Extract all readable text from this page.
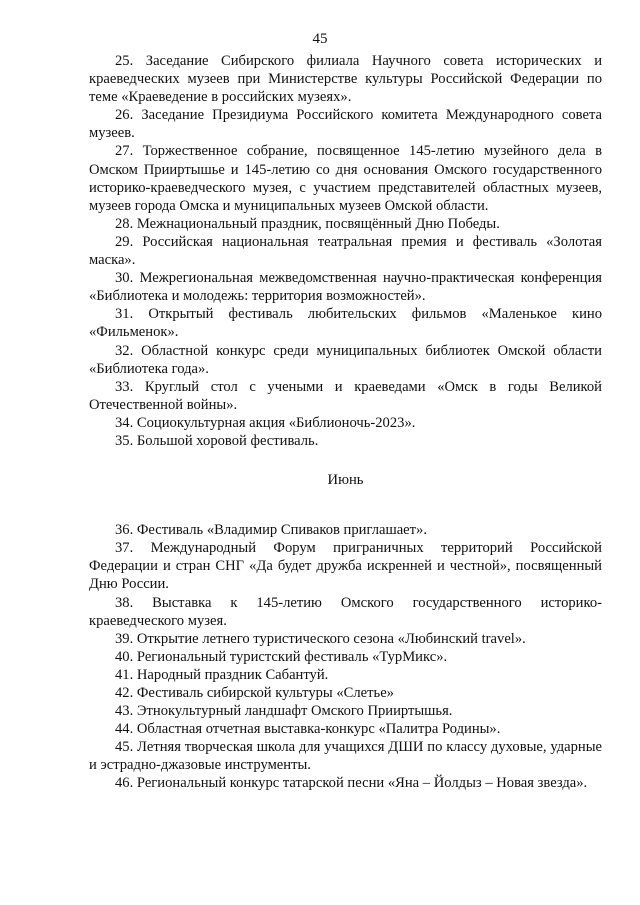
45

25. Заседание Сибирского филиала Научного совета исторических и краеведческих музеев при Министерстве культуры Российской Федерации по теме «Краеведение в российских музеях».

26. Заседание Президиума Российского комитета Международного совета музеев.

27. Торжественное собрание, посвященное 145-летию музейного дела в Омском Прииртышье и 145-летию со дня основания Омского государственного историко-краеведческого музея, с участием представителей областных музеев, музеев города Омска и муниципальных музеев Омской области.

28. Межнациональный праздник, посвящённый Дню Победы.

29. Российская национальная театральная премия и фестиваль «Золотая маска».

30. Межрегиональная межведомственная научно-практическая конференция «Библиотека и молодежь: территория возможностей».

31. Открытый фестиваль любительских фильмов «Маленькое кино «Фильменок».

32. Областной конкурс среди муниципальных библиотек Омской области «Библиотека года».

33. Круглый стол с учеными и краеведами «Омск в годы Великой Отечественной войны».

34. Социокультурная акция «Библионочь-2023».

35. Большой хоровой фестиваль.

Июнь

36. Фестиваль «Владимир Спиваков приглашает».

37. Международный Форум приграничных территорий Российской Федерации и стран СНГ «Да будет дружба искренней и честной», посвященный Дню России.

38. Выставка к 145-летию Омского государственного историко-краеведческого музея.

39. Открытие летнего туристического сезона «Любинский travel».

40. Региональный туристский фестиваль «ТурМикс».

41. Народный праздник Сабантуй.

42. Фестиваль сибирской культуры «Слетье»

43. Этнокультурный ландшафт Омского Прииртышья.

44. Областная отчетная выставка-конкурс «Палитра Родины».

45. Летняя творческая школа для учащихся ДШИ по классу духовые, ударные и эстрадно-джазовые инструменты.

46. Региональный конкурс татарской песни «Яна – Йолдыз – Новая звезда».
